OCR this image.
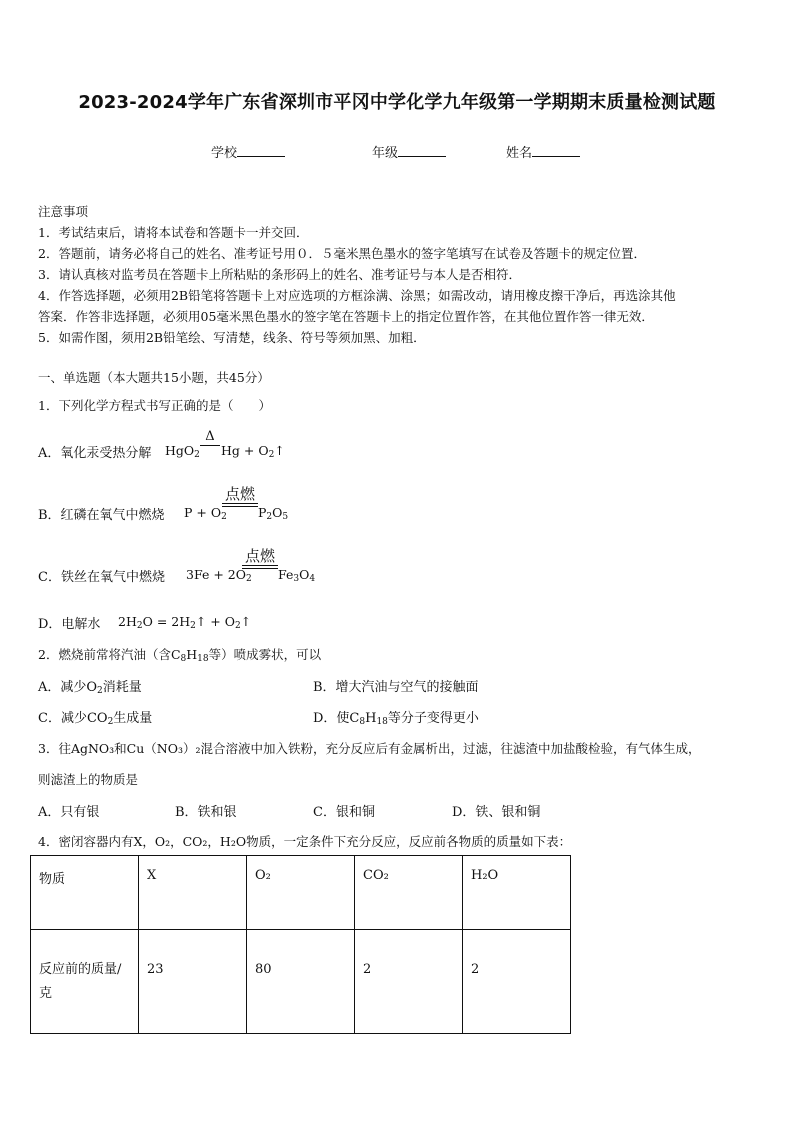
2023-2024学年广东省深圳市平冈中学化学九年级第一学期期末质量检测试题
学校	年级	姓名
注意事项
1．考试结束后，请将本试卷和答题卡一并交回．
2．答题前，请务必将自己的姓名、准考证号用０．５毫米黑色墨水的签字笔填写在试卷及答题卡的规定位置．
3．请认真核对监考员在答题卡上所粘贴的条形码上的姓名、准考证号与本人是否相符．
4．作答选择题，必须用2B铅笔将答题卡上对应选项的方框涂满、涂黑；如需改动，请用橡皮擦干净后，再选涂其他
答案．作答非选择题，必须用05毫米黑色墨水的签字笔在答题卡上的指定位置作答，在其他位置作答一律无效．
5．如需作图，须用2B铅笔绘、写清楚，线条、符号等须加黑、加粗．
一、单选题（本大题共15小题，共45分）
1．下列化学方程式书写正确的是（　　）
A．氧化汞受热分解 HgO$_2$
Δ
$Hg + O_2↑$
B．红磷在氧气中燃烧 $P + O_2$
点燃
$P_2O_5$
C．铁丝在氧气中燃烧 $3Fe + 2O_2$
点燃
$Fe_3O_4$
D．电解水 $2H_2O$ = $2H_2↑$ + $O_2↑$
2．燃烧前常将汽油（含$C_8H_{18}$等）喷成雾状，可以
A．减少$O_2$消耗量	B．增大汽油与空气的接触面
C．减少$CO_2$生成量	D．使$C_8H_{18}$等分子变得更小
3．往AgNO₃和Cu（NO₃）₂混合溶液中加入铁粉，充分反应后有金属析出，过滤，往滤渣中加盐酸检验，有气体生成，
则滤渣上的物质是
A．只有银	B．铁和银	C．银和铜	D．铁、银和铜
4．密闭容器内有X，O₂，CO₂，H₂O物质，一定条件下充分反应，反应前各物质的质量如下表：
物质	X	O₂	CO₂	H₂O

反应前的质量/
克	23	80	2	2
